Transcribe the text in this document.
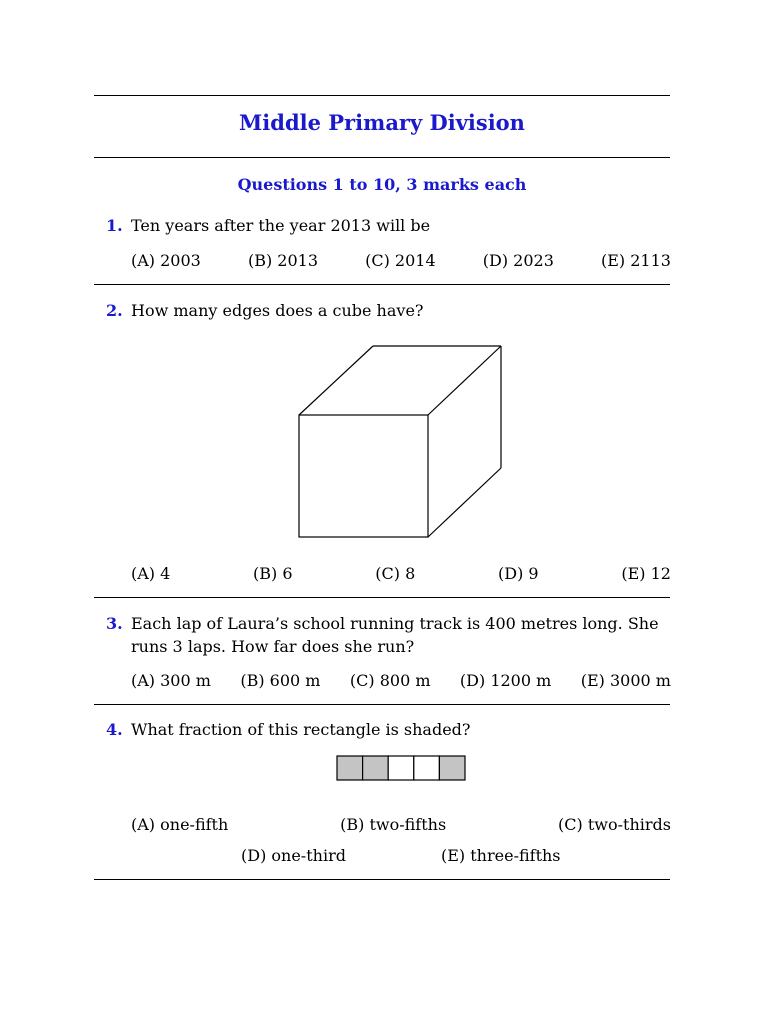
Middle Primary Division
Questions 1 to 10, 3 marks each
1. Ten years after the year 2013 will be
(A) 2003	(B) 2013	(C) 2014	(D) 2023	(E) 2113
2. How many edges does a cube have?
(A) 4	(B) 6	(C) 8	(D) 9	(E) 12
3. Each lap of Laura’s school running track is 400 metres long. She runs 3 laps. How far does she run?
(A) 300 m (B) 600 m (C) 800 m (D) 1200 m (E) 3000 m
4. What fraction of this rectangle is shaded?
(A) one-fifth	(B) two-fifths	(C) two-thirds
(D) one-third	(E) three-fifths
